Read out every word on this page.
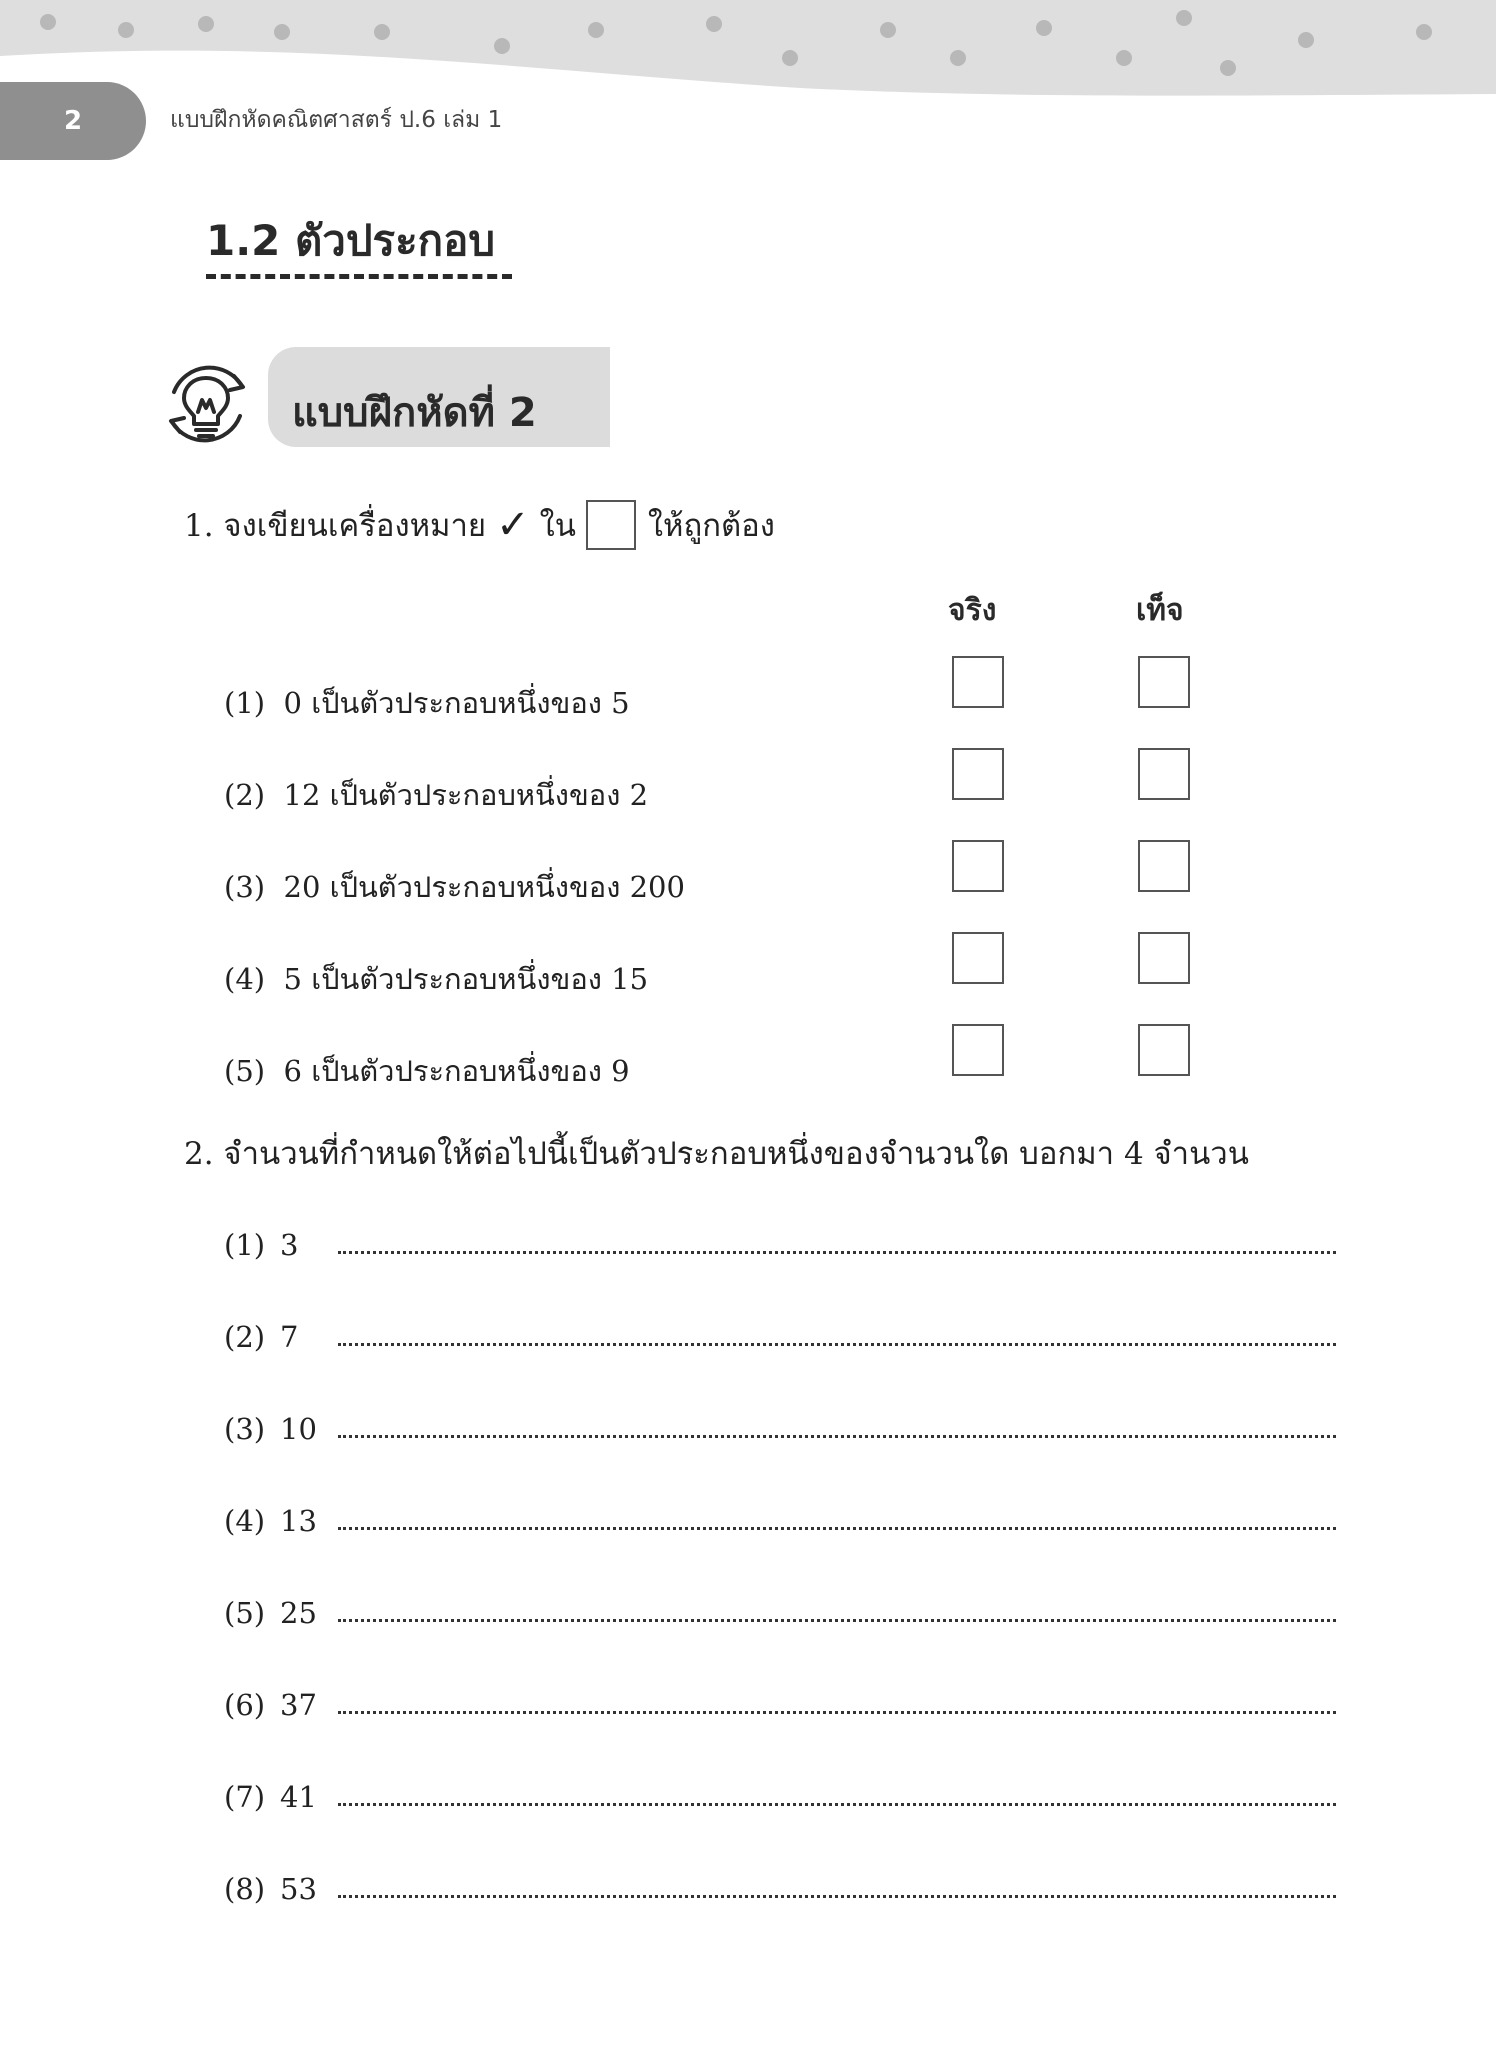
2	แบบฝึกหัดคณิตศาสตร์ ป.6 เล่ม 1
1.2 ตัวประกอบ
แบบฝึกหัดที่ 2
1. จงเขียนเครื่องหมาย ✓ ใน ให้ถูกต้อง
จริง	เท็จ
(1) 0 เป็นตัวประกอบหนึ่งของ 5
(2) 12 เป็นตัวประกอบหนึ่งของ 2
(3) 20 เป็นตัวประกอบหนึ่งของ 200
(4) 5 เป็นตัวประกอบหนึ่งของ 15
(5) 6 เป็นตัวประกอบหนึ่งของ 9
2. จำนวนที่กำหนดให้ต่อไปนี้เป็นตัวประกอบหนึ่งของจำนวนใด บอกมา 4 จำนวน
(1) 3
(2) 7
(3) 10
(4) 13
(5) 25
(6) 37
(7) 41
(8) 53
